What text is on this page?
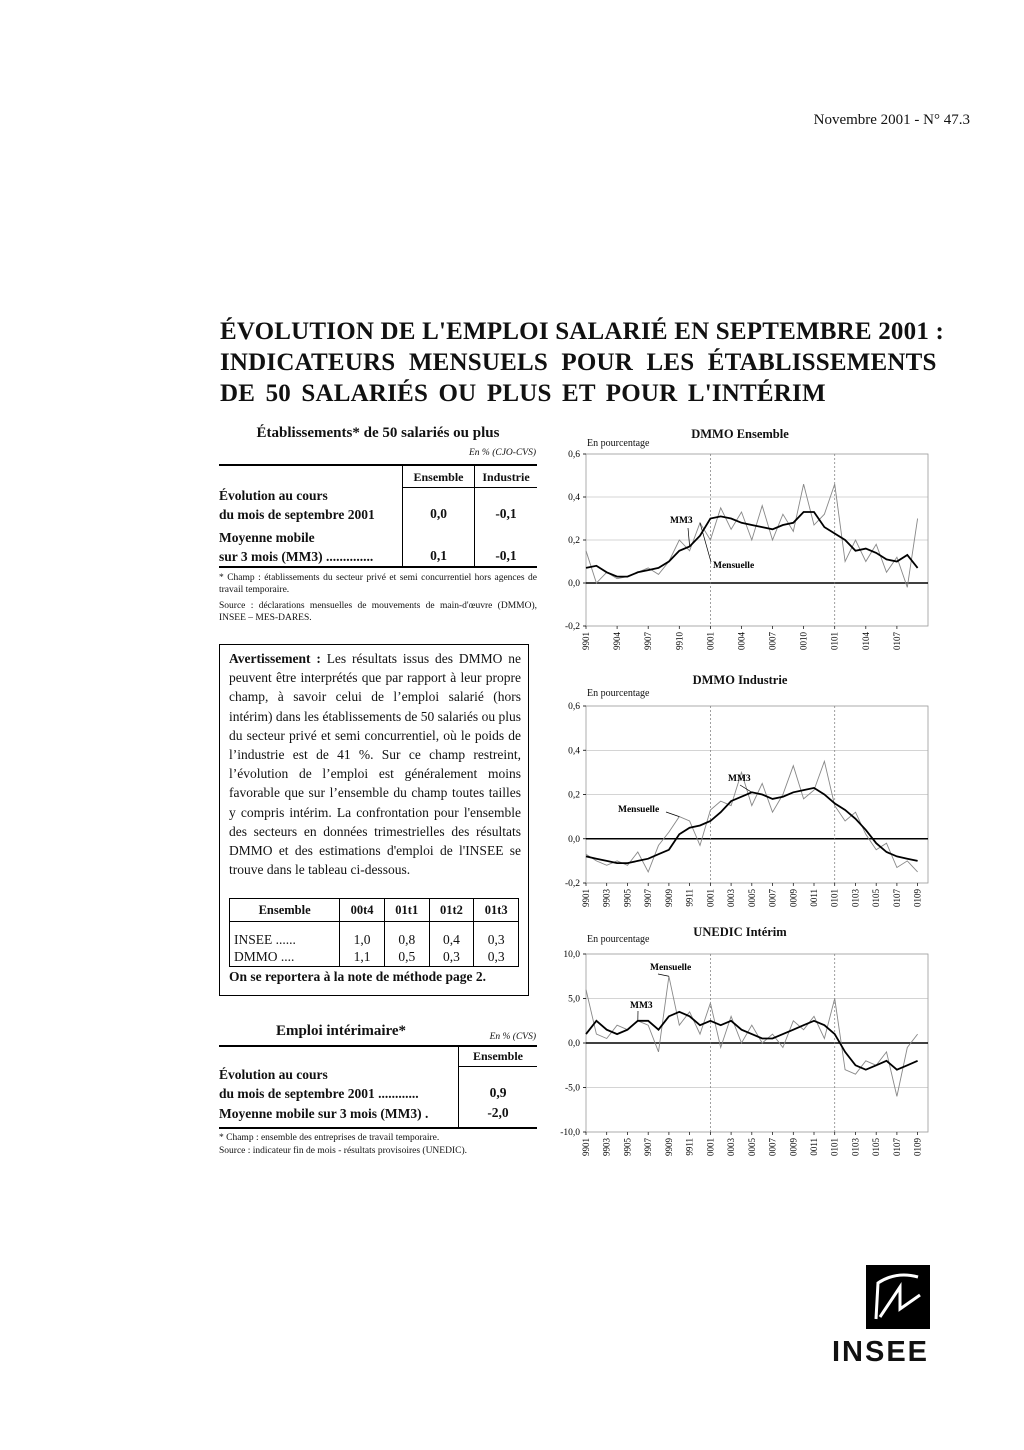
Novembre 2001 - N° 47.3
ÉVOLUTION DE L'EMPLOI SALARIÉ EN SEPTEMBRE 2001 :
INDICATEURS MENSUELS POUR LES ÉTABLISSEMENTS
DE 50 SALARIÉS OU PLUS ET POUR L'INTÉRIM
Établissements* de 50 salariés ou plus
En % (CJO-CVS)
Ensemble	Industrie
Évolution au cours
du mois de septembre 2001	0,0	-0,1
Moyenne mobile
sur 3 mois (MM3) ..............	0,1	-0,1
* Champ : établissements du secteur privé et semi concurrentiel hors agences de travail temporaire.
Source : déclarations mensuelles de mouvements de main-d'œuvre (DMMO), INSEE – MES-DARES.
Avertissement : Les résultats issus des DMMO ne peuvent être interprétés que par rapport à leur propre champ, à savoir celui de l’emploi salarié (hors intérim) dans les établissements de 50 salariés ou plus du secteur privé et semi concurrentiel, où le poids de l’industrie est de 41 %. Sur ce champ restreint, l’évolution de l’emploi est généralement moins favorable que sur l’ensemble du champ toutes tailles y compris intérim. La confrontation pour l'ensemble des secteurs en données trimestrielles des résultats DMMO et des estimations d'emploi de l'INSEE se trouve dans le tableau ci-dessous.
Ensemble	00t4	01t1	01t2	01t3
INSEE ......	1,0	0,8	0,4	0,3
DMMO ....	1,1	0,5	0,3	0,3
On se reportera à la note de méthode page 2.
Emploi intérimaire*	En % (CVS)
Ensemble
Évolution au cours
du mois de septembre 2001 ............	0,9
Moyenne mobile sur 3 mois (MM3) .	-2,0
* Champ : ensemble des entreprises de travail temporaire.
Source : indicateur fin de mois - résultats provisoires (UNEDIC).
DMMO Ensemble
En pourcentage
0,6
0,4
0,2
0,0
-0,2
9901 9904 9907 9910 0001 0004 0007 0010 0101 0104 0107
MM3
Mensuelle
DMMO Industrie
En pourcentage
0,6
0,4
0,2
0,0
-0,2
9901 9903 9905 9907 9909 9911 0001 0003 0005 0007 0009 0011 0101 0103 0105 0107 0109
MM3
Mensuelle
UNEDIC Intérim
En pourcentage
10,0
5,0
0,0
-5,0
-10,0
9901 9903 9905 9907 9909 9911 0001 0003 0005 0007 0009 0011 0101 0103 0105 0107 0109
Mensuelle
MM3
INSEE
